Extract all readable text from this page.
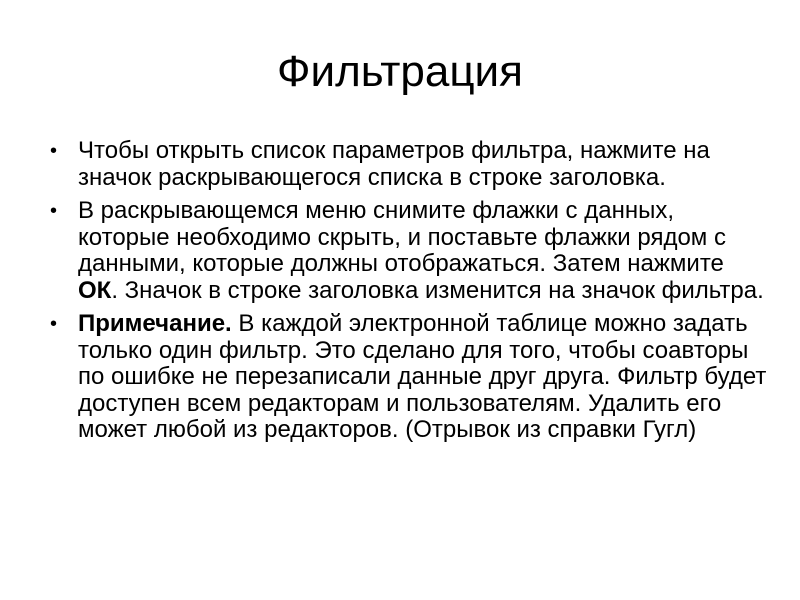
Фильтрация
• Чтобы открыть список параметров фильтра, нажмите на значок раскрывающегося списка в строке заголовка.
• В раскрывающемся меню снимите флажки с данных, которые необходимо скрыть, и поставьте флажки рядом с данными, которые должны отображаться. Затем нажмите ОК. Значок в строке заголовка изменится на значок фильтра.
• Примечание. В каждой электронной таблице можно задать только один фильтр. Это сделано для того, чтобы соавторы по ошибке не перезаписали данные друг друга. Фильтр будет доступен всем редакторам и пользователям. Удалить его может любой из редакторов. (Отрывок из справки Гугл)
